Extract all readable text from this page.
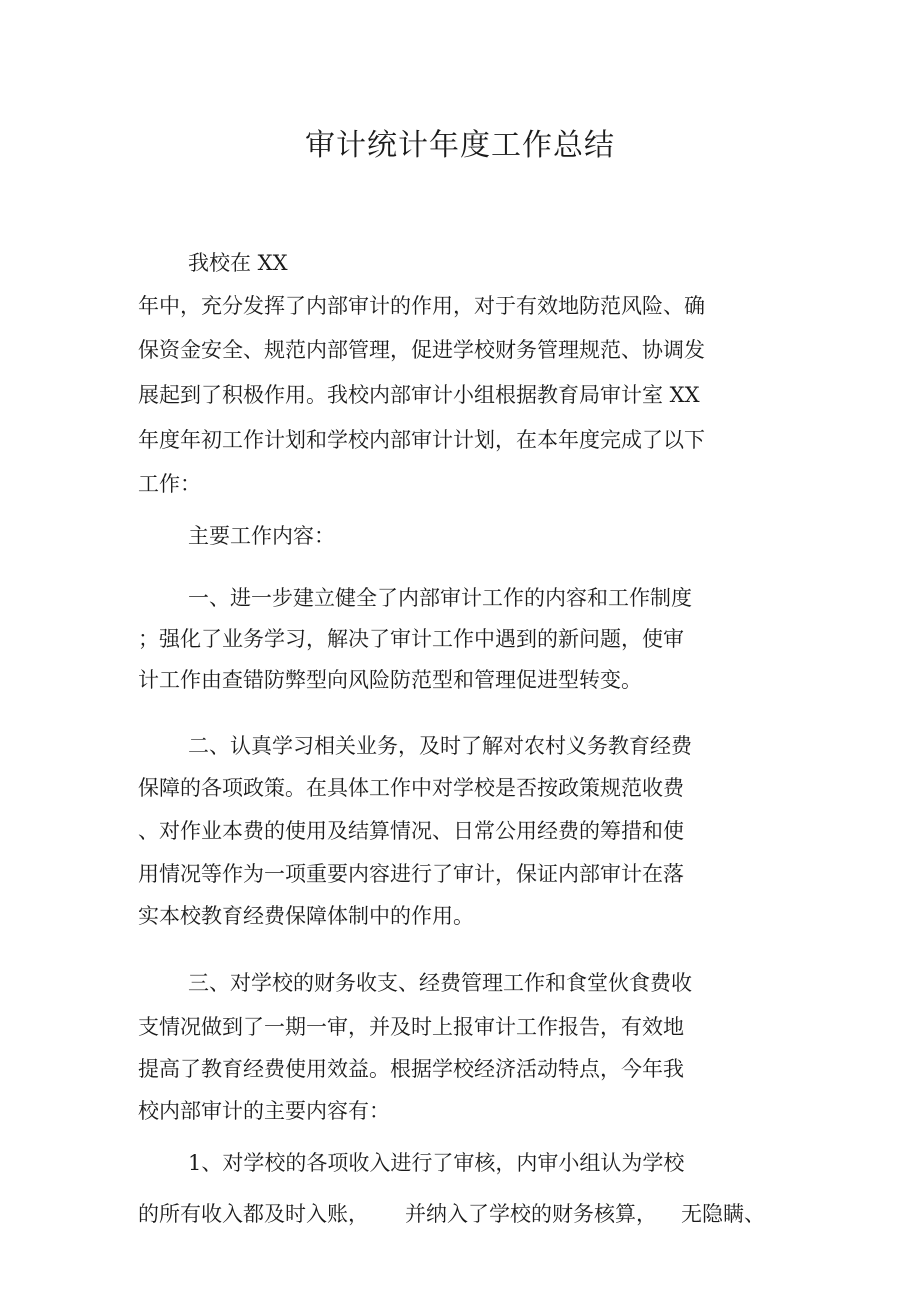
审计统计年度工作总结
我校在 XX
年中，充分发挥了内部审计的作用，对于有效地防范风险、确
保资金安全、规范内部管理，促进学校财务管理规范、协调发
展起到了积极作用。我校内部审计小组根据教育局审计室 XX
年度年初工作计划和学校内部审计计划，在本年度完成了以下
工作：
主要工作内容：
一、进一步建立健全了内部审计工作的内容和工作制度
；强化了业务学习，解决了审计工作中遇到的新问题，使审
计工作由查错防弊型向风险防范型和管理促进型转变。
二、认真学习相关业务，及时了解对农村义务教育经费
保障的各项政策。在具体工作中对学校是否按政策规范收费
、对作业本费的使用及结算情况、日常公用经费的筹措和使
用情况等作为一项重要内容进行了审计，保证内部审计在落
实本校教育经费保障体制中的作用。
三、对学校的财务收支、经费管理工作和食堂伙食费收
支情况做到了一期一审，并及时上报审计工作报告，有效地
提高了教育经费使用效益。根据学校经济活动特点，今年我
校内部审计的主要内容有：
1、对学校的各项收入进行了审核，内审小组认为学校
的所有收入都及时入账， 并纳入了学校的财务核算， 无隐瞒、
